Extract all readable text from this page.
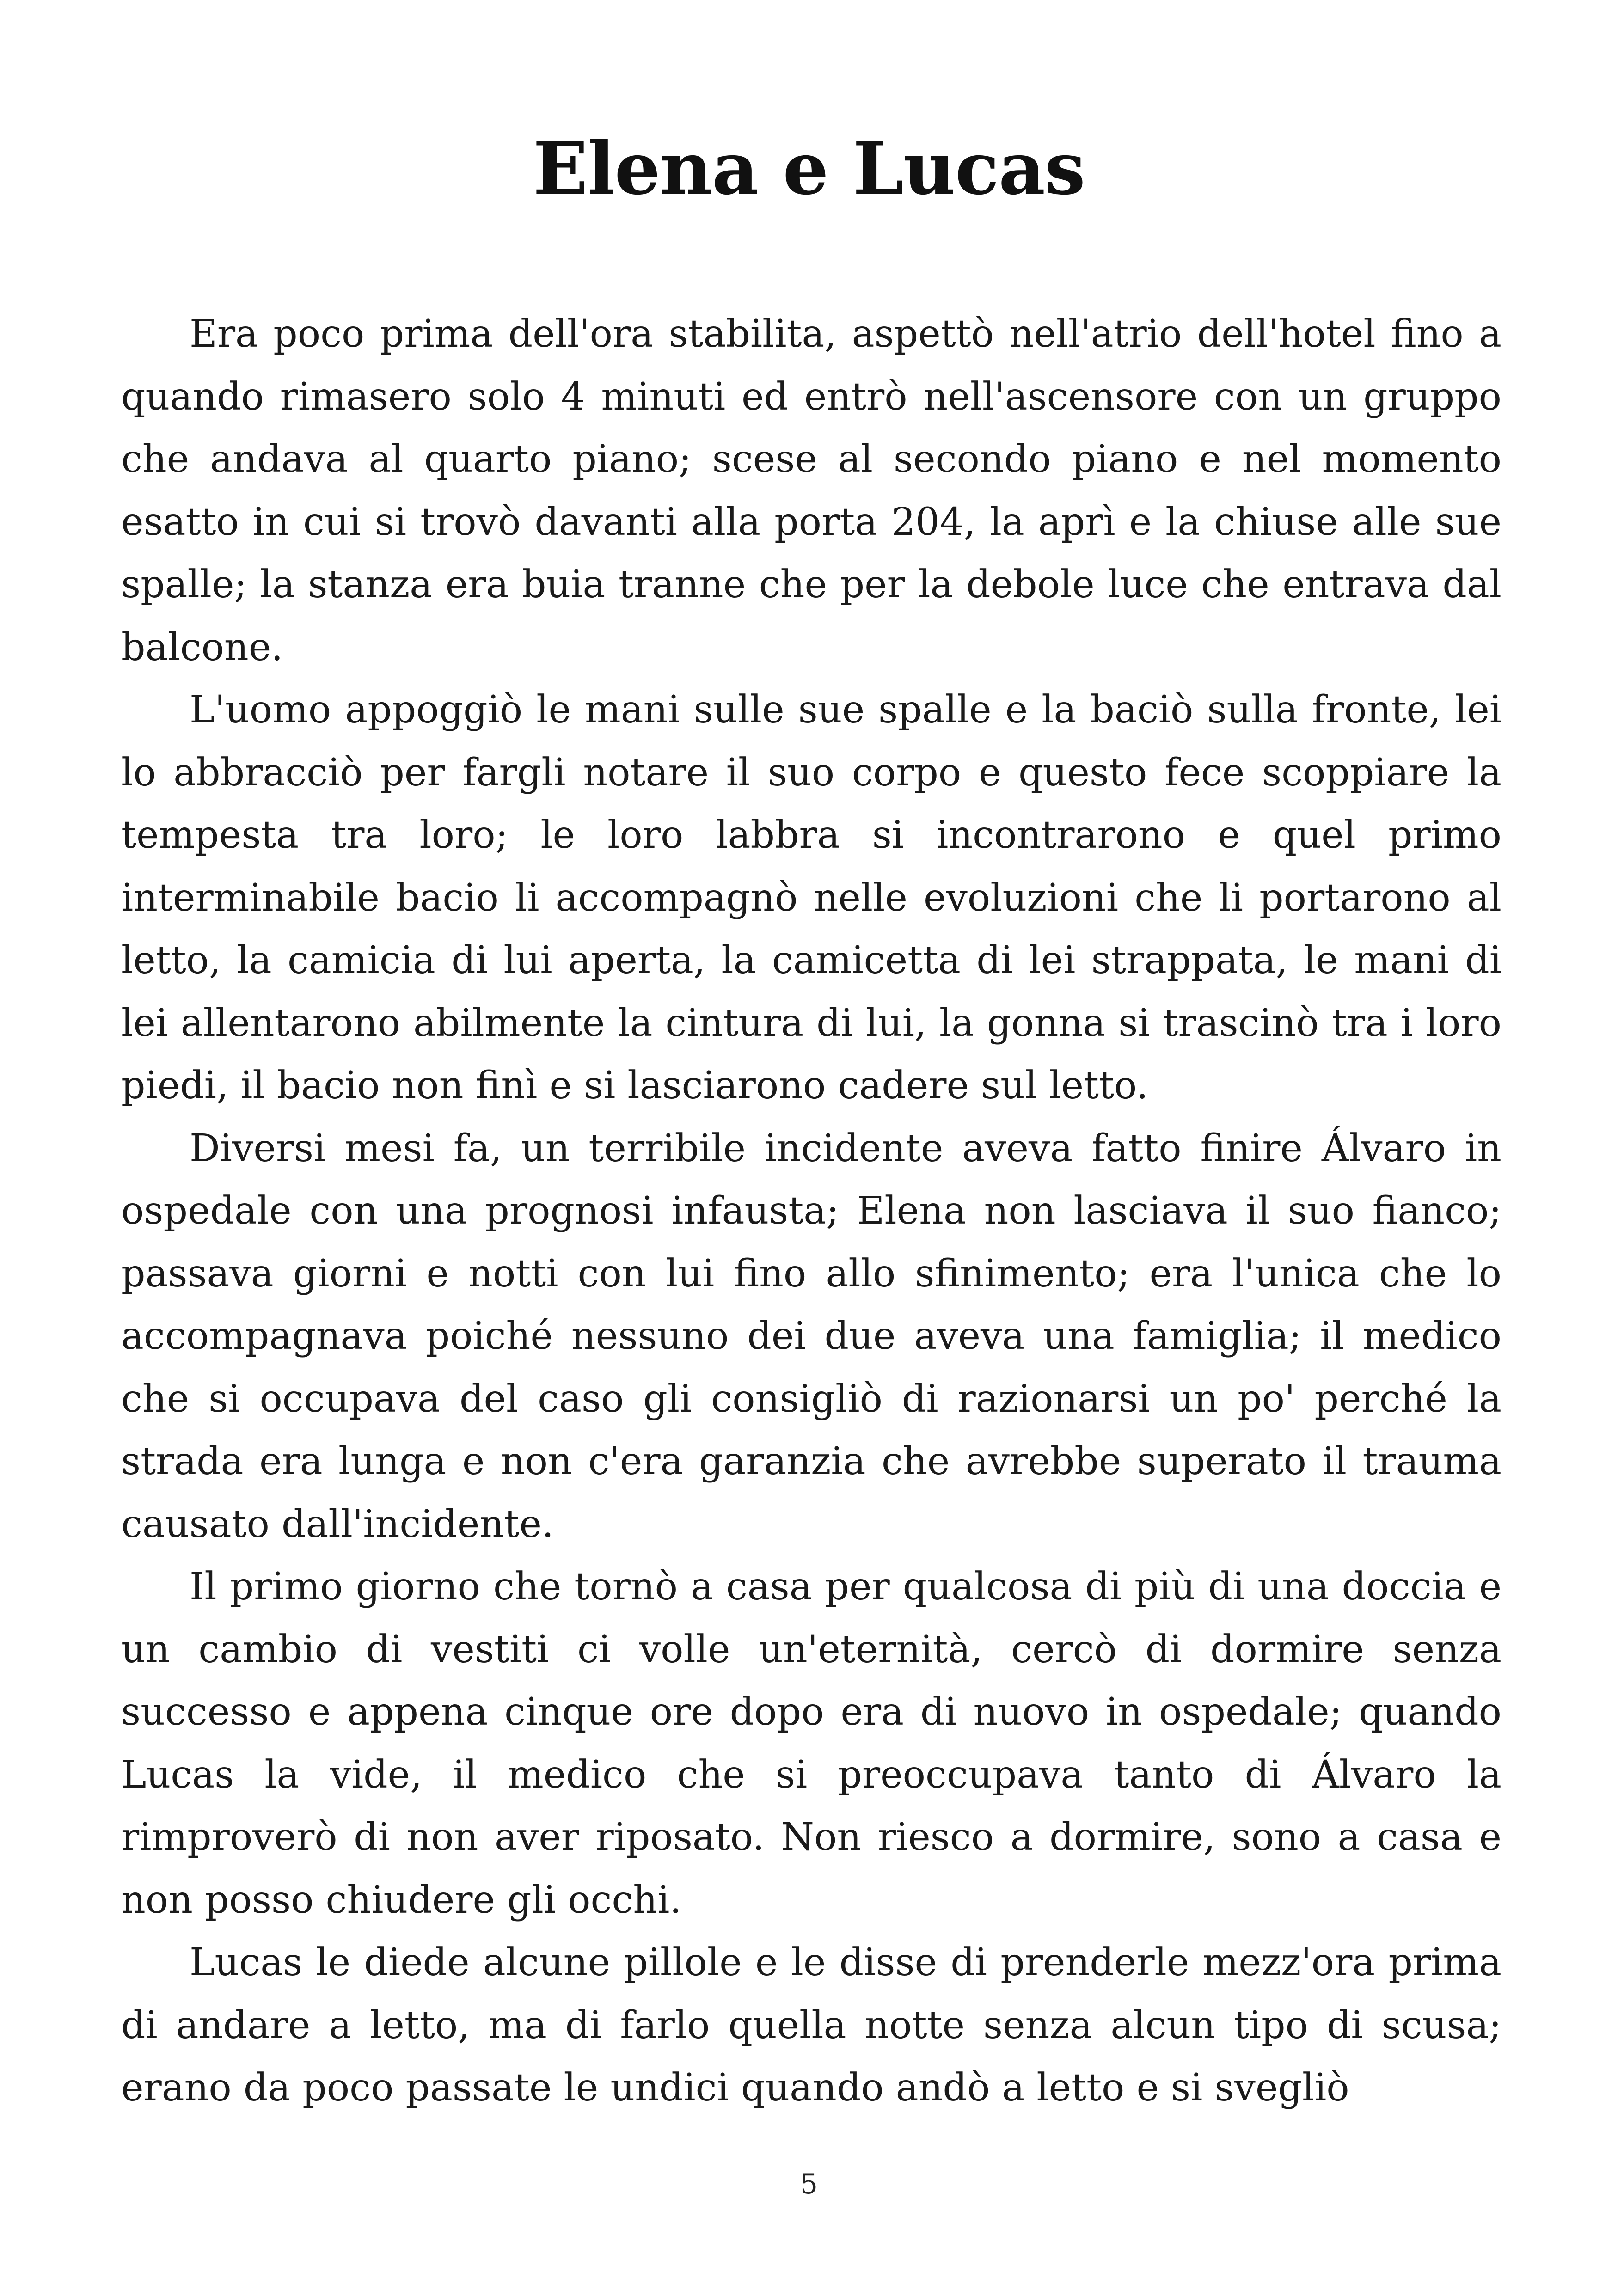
Elena e Lucas

Era poco prima dell'ora stabilita, aspettò nell'atrio dell'hotel fino a quando rimasero solo 4 minuti ed entrò nell'ascensore con un gruppo che andava al quarto piano; scese al secondo piano e nel momento esatto in cui si trovò davanti alla porta 204, la aprì e la chiuse alle sue spalle; la stanza era buia tranne che per la debole luce che entrava dal balcone.

L'uomo appoggiò le mani sulle sue spalle e la baciò sulla fronte, lei lo abbracciò per fargli notare il suo corpo e questo fece scoppiare la tempesta tra loro; le loro labbra si incontrarono e quel primo interminabile bacio li accompagnò nelle evoluzioni che li portarono al letto, la camicia di lui aperta, la camicetta di lei strappata, le mani di lei allentarono abilmente la cintura di lui, la gonna si trascinò tra i loro piedi, il bacio non finì e si lasciarono cadere sul letto.

Diversi mesi fa, un terribile incidente aveva fatto finire Álvaro in ospedale con una prognosi infausta; Elena non lasciava il suo fianco; passava giorni e notti con lui fino allo sfinimento; era l'unica che lo accompagnava poiché nessuno dei due aveva una famiglia; il medico che si occupava del caso gli consigliò di razionarsi un po' perché la strada era lunga e non c'era garanzia che avrebbe superato il trauma causato dall'incidente.

Il primo giorno che tornò a casa per qualcosa di più di una doccia e un cambio di vestiti ci volle un'eternità, cercò di dormire senza successo e appena cinque ore dopo era di nuovo in ospedale; quando Lucas la vide, il medico che si preoccupava tanto di Álvaro la rimproverò di non aver riposato. Non riesco a dormire, sono a casa e non posso chiudere gli occhi.

Lucas le diede alcune pillole e le disse di prenderle mezz'ora prima di andare a letto, ma di farlo quella notte senza alcun tipo di scusa; erano da poco passate le undici quando andò a letto e si svegliò

5
